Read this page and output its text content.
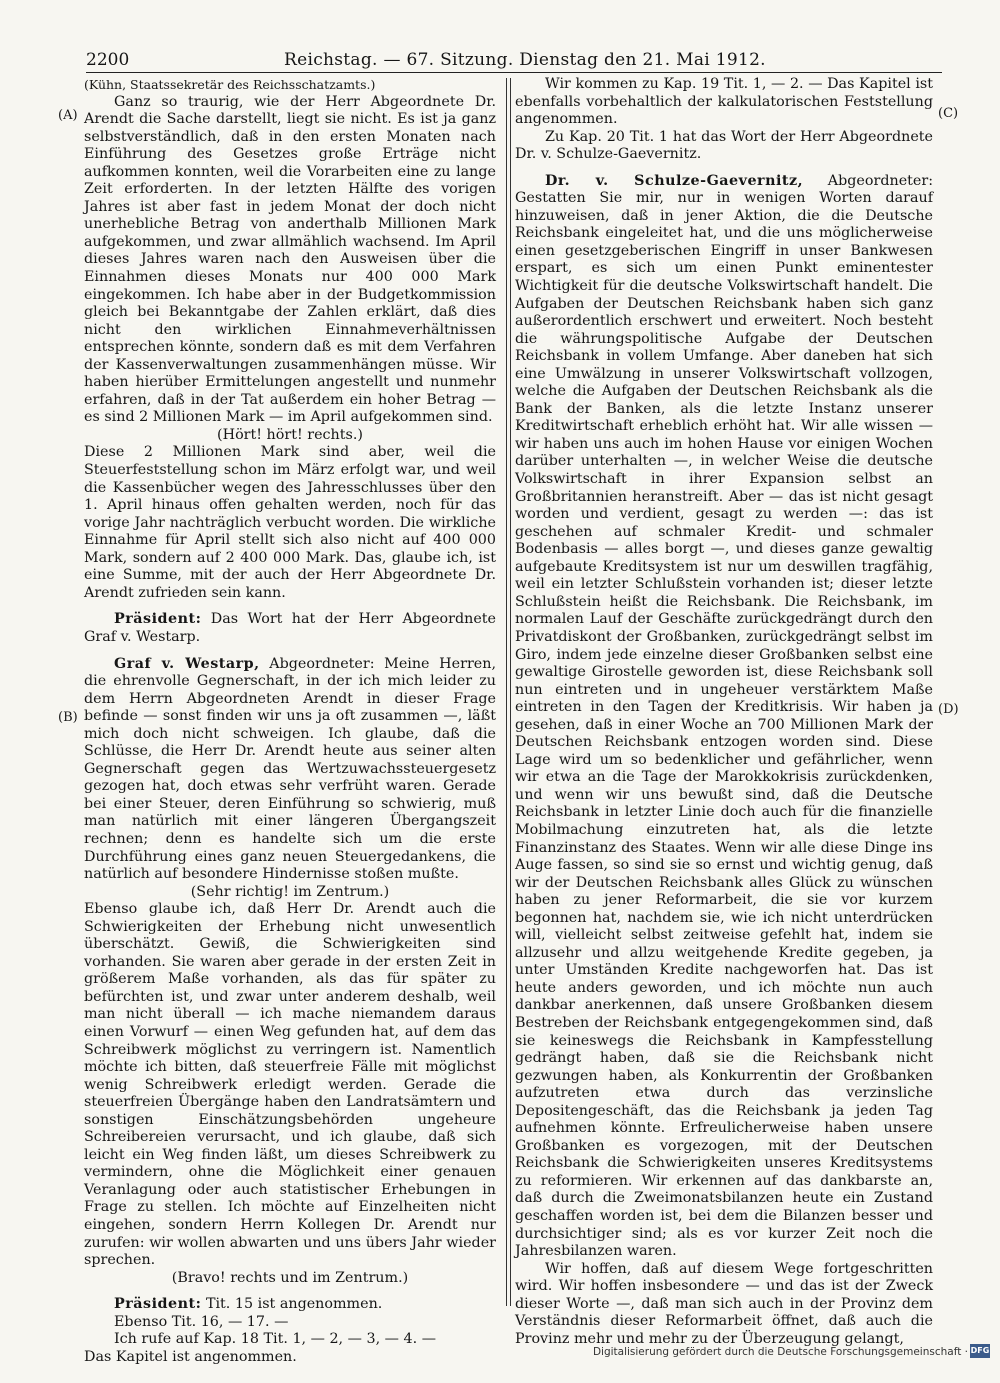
2200	Reichstag. — 67. Sitzung. Dienstag den 21. Mai 1912.
(A)
(B)
(C)
(D)

(Kühn, Staatssekretär des Reichsschatzamts.)

Ganz so traurig, wie der Herr Abgeordnete Dr. Arendt die Sache darstellt, liegt sie nicht. Es ist ja ganz selbstverständlich, daß in den ersten Monaten nach Einführung des Gesetzes große Erträge nicht aufkommen konnten, weil die Vorarbeiten eine zu lange Zeit erforderten. In der letzten Hälfte des vorigen Jahres ist aber fast in jedem Monat der doch nicht unerhebliche Betrag von anderthalb Millionen Mark aufgekommen, und zwar allmählich wachsend. Im April dieses Jahres waren nach den Ausweisen über die Einnahmen dieses Monats nur 400 000 Mark eingekommen. Ich habe aber in der Budgetkommission gleich bei Bekanntgabe der Zahlen erklärt, daß dies nicht den wirklichen Einnahmeverhältnissen entsprechen könnte, sondern daß es mit dem Verfahren der Kassenverwaltungen zusammenhängen müsse. Wir haben hierüber Ermittelungen angestellt und nunmehr erfahren, daß in der Tat außerdem ein hoher Betrag — es sind 2 Millionen Mark — im April aufgekommen sind.

(Hört! hört! rechts.)

Diese 2 Millionen Mark sind aber, weil die Steuerfeststellung schon im März erfolgt war, und weil die Kassenbücher wegen des Jahresschlusses über den 1. April hinaus offen gehalten werden, noch für das vorige Jahr nachträglich verbucht worden. Die wirkliche Einnahme für April stellt sich also nicht auf 400 000 Mark, sondern auf 2 400 000 Mark. Das, glaube ich, ist eine Summe, mit der auch der Herr Abgeordnete Dr. Arendt zufrieden sein kann.

Präsident: Das Wort hat der Herr Abgeordnete Graf v. Westarp.

Graf v. Westarp, Abgeordneter: Meine Herren, die ehrenvolle Gegnerschaft, in der ich mich leider zu dem Herrn Abgeordneten Arendt in dieser Frage befinde — sonst finden wir uns ja oft zusammen —, läßt mich doch nicht schweigen. Ich glaube, daß die Schlüsse, die Herr Dr. Arendt heute aus seiner alten Gegnerschaft gegen das Wertzuwachssteuergesetz gezogen hat, doch etwas sehr verfrüht waren. Gerade bei einer Steuer, deren Einführung so schwierig, muß man natürlich mit einer längeren Übergangszeit rechnen; denn es handelte sich um die erste Durchführung eines ganz neuen Steuergedankens, die natürlich auf besondere Hindernisse stoßen mußte.

(Sehr richtig! im Zentrum.)

Ebenso glaube ich, daß Herr Dr. Arendt auch die Schwierigkeiten der Erhebung nicht unwesentlich überschätzt. Gewiß, die Schwierigkeiten sind vorhanden. Sie waren aber gerade in der ersten Zeit in größerem Maße vorhanden, als das für später zu befürchten ist, und zwar unter anderem deshalb, weil man nicht überall — ich mache niemandem daraus einen Vorwurf — einen Weg gefunden hat, auf dem das Schreibwerk möglichst zu verringern ist. Namentlich möchte ich bitten, daß steuerfreie Fälle mit möglichst wenig Schreibwerk erledigt werden. Gerade die steuerfreien Übergänge haben den Landratsämtern und sonstigen Einschätzungsbehörden ungeheure Schreibereien verursacht, und ich glaube, daß sich leicht ein Weg finden läßt, um dieses Schreibwerk zu vermindern, ohne die Möglichkeit einer genauen Veranlagung oder auch statistischer Erhebungen in Frage zu stellen. Ich möchte auf Einzelheiten nicht eingehen, sondern Herrn Kollegen Dr. Arendt nur zurufen: wir wollen abwarten und uns übers Jahr wieder sprechen.

(Bravo! rechts und im Zentrum.)

Präsident: Tit. 15 ist angenommen.

Ebenso Tit. 16, — 17. —

Ich rufe auf Kap. 18 Tit. 1, — 2, — 3, — 4. —

Das Kapitel ist angenommen.

Wir kommen zu Kap. 19 Tit. 1, — 2. — Das Kapitel ist ebenfalls vorbehaltlich der kalkulatorischen Feststellung angenommen.

Zu Kap. 20 Tit. 1 hat das Wort der Herr Abgeordnete Dr. v. Schulze-Gaevernitz.

Dr. v. Schulze-Gaevernitz, Abgeordneter: Gestatten Sie mir, nur in wenigen Worten darauf hinzuweisen, daß in jener Aktion, die die Deutsche Reichsbank eingeleitet hat, und die uns möglicherweise einen gesetzgeberischen Eingriff in unser Bankwesen erspart, es sich um einen Punkt eminentester Wichtigkeit für die deutsche Volkswirtschaft handelt. Die Aufgaben der Deutschen Reichsbank haben sich ganz außerordentlich erschwert und erweitert. Noch besteht die währungspolitische Aufgabe der Deutschen Reichsbank in vollem Umfange. Aber daneben hat sich eine Umwälzung in unserer Volkswirtschaft vollzogen, welche die Aufgaben der Deutschen Reichsbank als die Bank der Banken, als die letzte Instanz unserer Kreditwirtschaft erheblich erhöht hat. Wir alle wissen — wir haben uns auch im hohen Hause vor einigen Wochen darüber unterhalten —, in welcher Weise die deutsche Volkswirtschaft in ihrer Expansion selbst an Großbritannien heranstreift. Aber — das ist nicht gesagt worden und verdient, gesagt zu werden —: das ist geschehen auf schmaler Kredit- und schmaler Bodenbasis — alles borgt —, und dieses ganze gewaltig aufgebaute Kreditsystem ist nur um deswillen tragfähig, weil ein letzter Schlußstein vorhanden ist; dieser letzte Schlußstein heißt die Reichsbank. Die Reichsbank, im normalen Lauf der Geschäfte zurückgedrängt durch den Privatdiskont der Großbanken, zurückgedrängt selbst im Giro, indem jede einzelne dieser Großbanken selbst eine gewaltige Girostelle geworden ist, diese Reichsbank soll nun eintreten und in ungeheuer verstärktem Maße eintreten in den Tagen der Kreditkrisis. Wir haben ja gesehen, daß in einer Woche an 700 Millionen Mark der Deutschen Reichsbank entzogen worden sind. Diese Lage wird um so bedenklicher und gefährlicher, wenn wir etwa an die Tage der Marokkokrisis zurückdenken, und wenn wir uns bewußt sind, daß die Deutsche Reichsbank in letzter Linie doch auch für die finanzielle Mobilmachung einzutreten hat, als die letzte Finanzinstanz des Staates. Wenn wir alle diese Dinge ins Auge fassen, so sind sie so ernst und wichtig genug, daß wir der Deutschen Reichsbank alles Glück zu wünschen haben zu jener Reformarbeit, die sie vor kurzem begonnen hat, nachdem sie, wie ich nicht unterdrücken will, vielleicht selbst zeitweise gefehlt hat, indem sie allzusehr und allzu weitgehende Kredite gegeben, ja unter Umständen Kredite nachgeworfen hat. Das ist heute anders geworden, und ich möchte nun auch dankbar anerkennen, daß unsere Großbanken diesem Bestreben der Reichsbank entgegengekommen sind, daß sie keineswegs die Reichsbank in Kampfesstellung gedrängt haben, daß sie die Reichsbank nicht gezwungen haben, als Konkurrentin der Großbanken aufzutreten etwa durch das verzinsliche Depositengeschäft, das die Reichsbank ja jeden Tag aufnehmen könnte. Erfreulicherweise haben unsere Großbanken es vorgezogen, mit der Deutschen Reichsbank die Schwierigkeiten unseres Kreditsystems zu reformieren. Wir erkennen auf das dankbarste an, daß durch die Zweimonatsbilanzen heute ein Zustand geschaffen worden ist, bei dem die Bilanzen besser und durchsichtiger sind; als es vor kurzer Zeit noch die Jahresbilanzen waren.

Wir hoffen, daß auf diesem Wege fortgeschritten wird. Wir hoffen insbesondere — und das ist der Zweck dieser Worte —, daß man sich auch in der Provinz dem Verständnis dieser Reformarbeit öffnet, daß auch die Provinz mehr und mehr zu der Überzeugung gelangt,

Digitalisierung gefördert durch die Deutsche Forschungsgemeinschaft · DFG
